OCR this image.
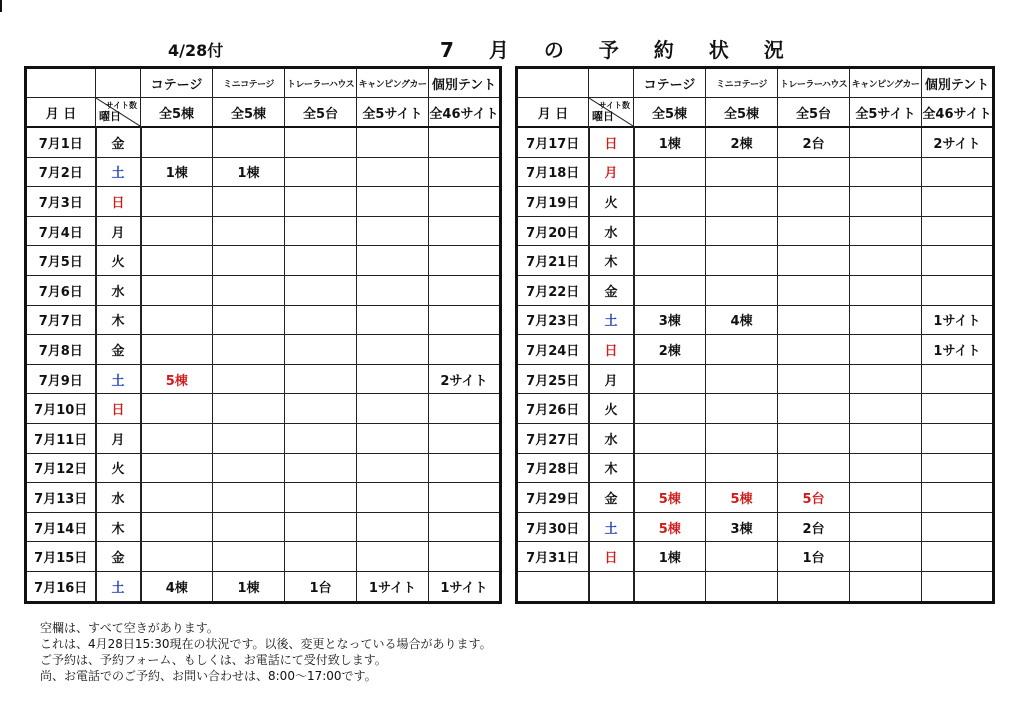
4/28付	7 月 の 予 約 状 況
		コテージ	ミニコテージ	トレーラーハウス	キャンピングカー	個別テント
月 日	サイト数
曜日	全5棟	全5棟	全5台	全5サイト	全46サイト
7月1日	金					
7月2日	土	1棟	1棟			
7月3日	日					
7月4日	月					
7月5日	火					
7月6日	水					
7月7日	木					
7月8日	金					
7月9日	土	5棟				2サイト
7月10日	日					
7月11日	月					
7月12日	火					
7月13日	水					
7月14日	木					
7月15日	金					
7月16日	土	4棟	1棟	1台	1サイト	1サイト
		コテージ	ミニコテージ	トレーラーハウス	キャンピングカー	個別テント
月 日	サイト数
曜日	全5棟	全5棟	全5台	全5サイト	全46サイト
7月17日	日	1棟	2棟	2台		2サイト
7月18日	月					
7月19日	火					
7月20日	水					
7月21日	木					
7月22日	金					
7月23日	土	3棟	4棟			1サイト
7月24日	日	2棟				1サイト
7月25日	月					
7月26日	火					
7月27日	水					
7月28日	木					
7月29日	金	5棟	5棟	5台		
7月30日	土	5棟	3棟	2台		
7月31日	日	1棟		1台		

空欄は、すべて空きがあります。
これは、4月28日15:30現在の状況です。以後、変更となっている場合があります。
ご予約は、予約フォーム、もしくは、お電話にて受付致します。
尚、お電話でのご予約、お問い合わせは、8:00～17:00です。
